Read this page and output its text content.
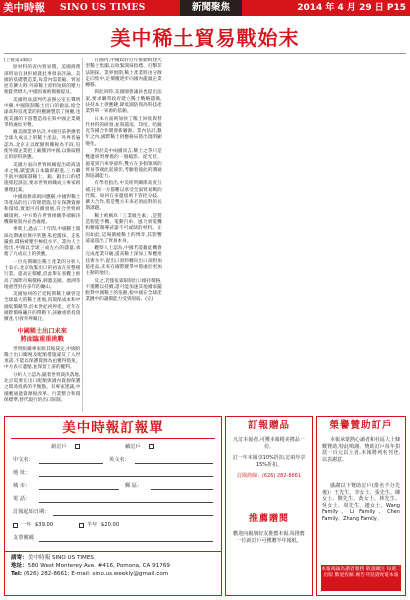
美中時報 SINO US TIMES	新聞聚焦	2014 年 4 月 29 日 P15
美中稀土貿易戰始末

(上接第14版)

原材料的省內貿易價。美國商務部貿易官員拒絕就此事發表評論。美國的基礎製造業,每當內需萎縮、貿易逆差擴大時,外部稀土原料短缺的壓力便陡然增大,中國因素被頻頻提及。

美國貿易談判代表辦公室在聲明中稱,中國限制稀土出口的做法,給全球高科技產業的供應鏈製造了困擾,也使美國的下游製造商在與中國企業競爭時處於劣勢。

據美國業界估計,中國目前供應着全球九成以上的稀土產品。外界普遍認為,北京正以配額與關稅為手段,迫使外國企業把工廠搬到中國,以換取穩定的原料供應。

美國方面向世貿組織提出磋商請求之後,歐盟與日本隨即跟進,三方聯手就中國限制稀土、鎢、鉬出口的措施發起訴訟,要求世貿組織成立專家組審理此案。

中國商務部則回應稱,中國對稀土等產品的出口管理措施,旨在保護資源和環境,實現可持續發展,符合世貿組織規則。中方將在世貿組織爭端解決機制框架內妥善處理。

事實上,過去二十年間,中國稀土開採長期處於無序狀態,私挖濫採、走私嚴重,價格被壓至極低水平。業內人士指出,中國以全球三成左右的儲量,承擔了九成以上的供應。

一位長期關注稀土產業的分析人士表示,北京收緊出口的初衷在於整頓行業、提高定價權,但此舉在客觀上推高了國際市場價格,刺激美國、澳洲等地重啓封存多年的礦山。

美國加州的芒廷帕斯稀土礦曾是全球最大的稀土產地,因環保成本和中國低價競爭,於本世紀初停產。近年在國際價格飆升的帶動下,該礦重新投資擴產,引發外界關注。

中國稀土出口未來
將面臨重重挑戰

世貿組織專家組其後裁定,中國的稀土出口關稅及配額措施違反了入世承諾,不能以保護資源為由獲得豁免。中方表示遺憾,並保留上訴的權利。

分析人士認為,隨着世貿裁決落地,北京需要在出口配額與國內資源保護之間尋找新的平衡點。有專家建議,中國應通過資源稅改革、行業整合和環保標準,替代現行的出口限制。

在國內,中國政府近年推動組建大型稀土集團,以收緊開採指標、打擊非法開採。業界預期,稀土產業將由分散走向集中,定價權逐步向國內龍頭企業轉移。

與此同時,美國國會議員也提出法案,要求聯邦政府建立稀土戰略儲備,扶持本土供應鏈,降低國防與高科技產業對單一來源的依賴。

日本方面則加快了稀土回收與替代材料的研發,並與越南、印度、哈薩克等國合作開發新礦源。業內估計,數年之內,國際稀土供應格局將出現明顯變化。

對於美中兩國而言,稀土之爭只是雙邊經貿摩擦的一個縮影。從光伏、風電到汽車零部件,雙方在多個領域的貿易爭端此起彼伏,考驗着彼此的溝通與協調能力。

有學者指出,中美經貿關係高度互補,任何一方都難以承受全面貿易戰的代價。如何在多邊規則下管控分歧、擴大合作,將是雙方未來必須面對的長期課題。

稀土被稱為「工業維生素」,是製造智能手機、電動汽車、風力發電機和精確制導武器不可或缺的材料。正因如此,這場圍繞稀土的博弈,其影響遠遠超出了貿易本身。

觀察人士認為,中國若能藉此機會完成產業升級,提高稀土深加工和應用技術水平,從出口原料轉向出口高附加值產品,未來在國際競爭中將處於更加主動的地位。

反之,若僅依靠限制出口維持價格,不僅難以持續,還可能加速其他國家擺脫對中國稀土的依賴,使中國在全球產業鏈中的議價能力受到削弱。(完)

美中時報訂報單
新訂戶	續訂戶
中文名：	英文名：
地 址：
城 市：	郵 區：
電 話：
訂報起始日期：
一年 $39.00	半年 $20.00
支票號碼
請寄：美中時報 SINO US TIMES
地址：580 West Monterey Ave. #416, Pomona, CA 91769
Tel: (626) 282-8661; E-mail: sino.us.weekly@gmail.com
訂報贈品
凡訂本報者,可獲本報精美禮品一份。
訂一年本報享10%折扣,訂兩年享15%折扣。
訂閱熱線：(626) 282-8661
推薦贈閱
歡迎向親朋好友推薦本報,每推薦一位新訂戶可獲贈半年報紙。
榮譽贊助訂戶
本報承蒙熱心讀者和社區人士慷慨贊助,特此鳴謝。贊助訂戶每年捐款一百元以上者,本報將列名刊登,以表謝意。
感謝以下贊助訂戶(排名不分先後)：王先生、李女士、張先生、陳女士、劉先生、黃女士、林先生、吳女士、周先生、趙女士、Wang Family、Li Family、Chen Family、Zhang Family。
本報竭誠為讀者服務 敬請關注 每週二出版 歡迎投稿 廣告刊登請致電本報
